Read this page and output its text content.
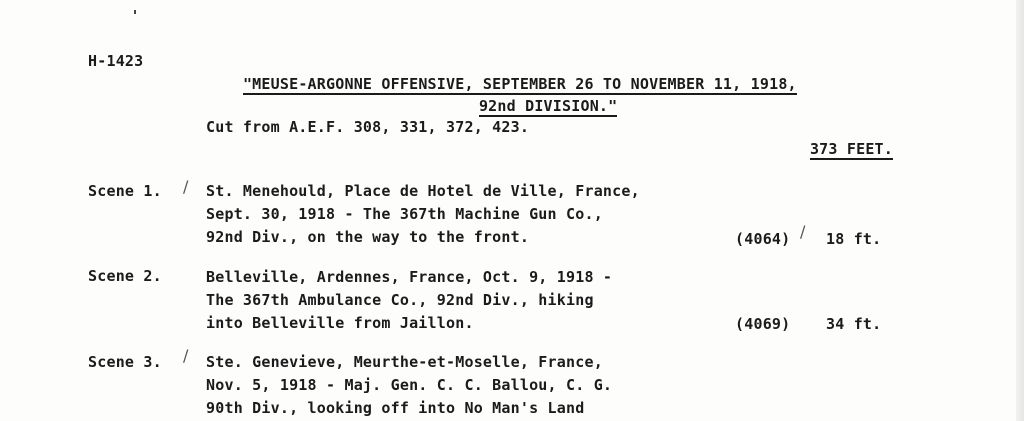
H-1423

"MEUSE-ARGONNE OFFENSIVE, SEPTEMBER 26 TO NOVEMBER 11, 1918,

92nd DIVISION."

Cut from A.E.F. 308, 331, 372, 423.

373 FEET.

Scene 1. / St. Menehould, Place de Hotel de Ville, France,
Sept. 30, 1918 - The 367th Machine Gun Co.,
92nd Div., on the way to the front.	(4064) / 18 ft.
Scene 2.	Belleville, Ardennes, France, Oct. 9, 1918 -
The 367th Ambulance Co., 92nd Div., hiking
into Belleville from Jaillon.	(4069) 34 ft.
Scene 3. / Ste. Genevieve, Meurthe-et-Moselle, France,
Nov. 5, 1918 - Maj. Gen. C. C. Ballou, C. G.
90th Div., looking off into No Man's Land
